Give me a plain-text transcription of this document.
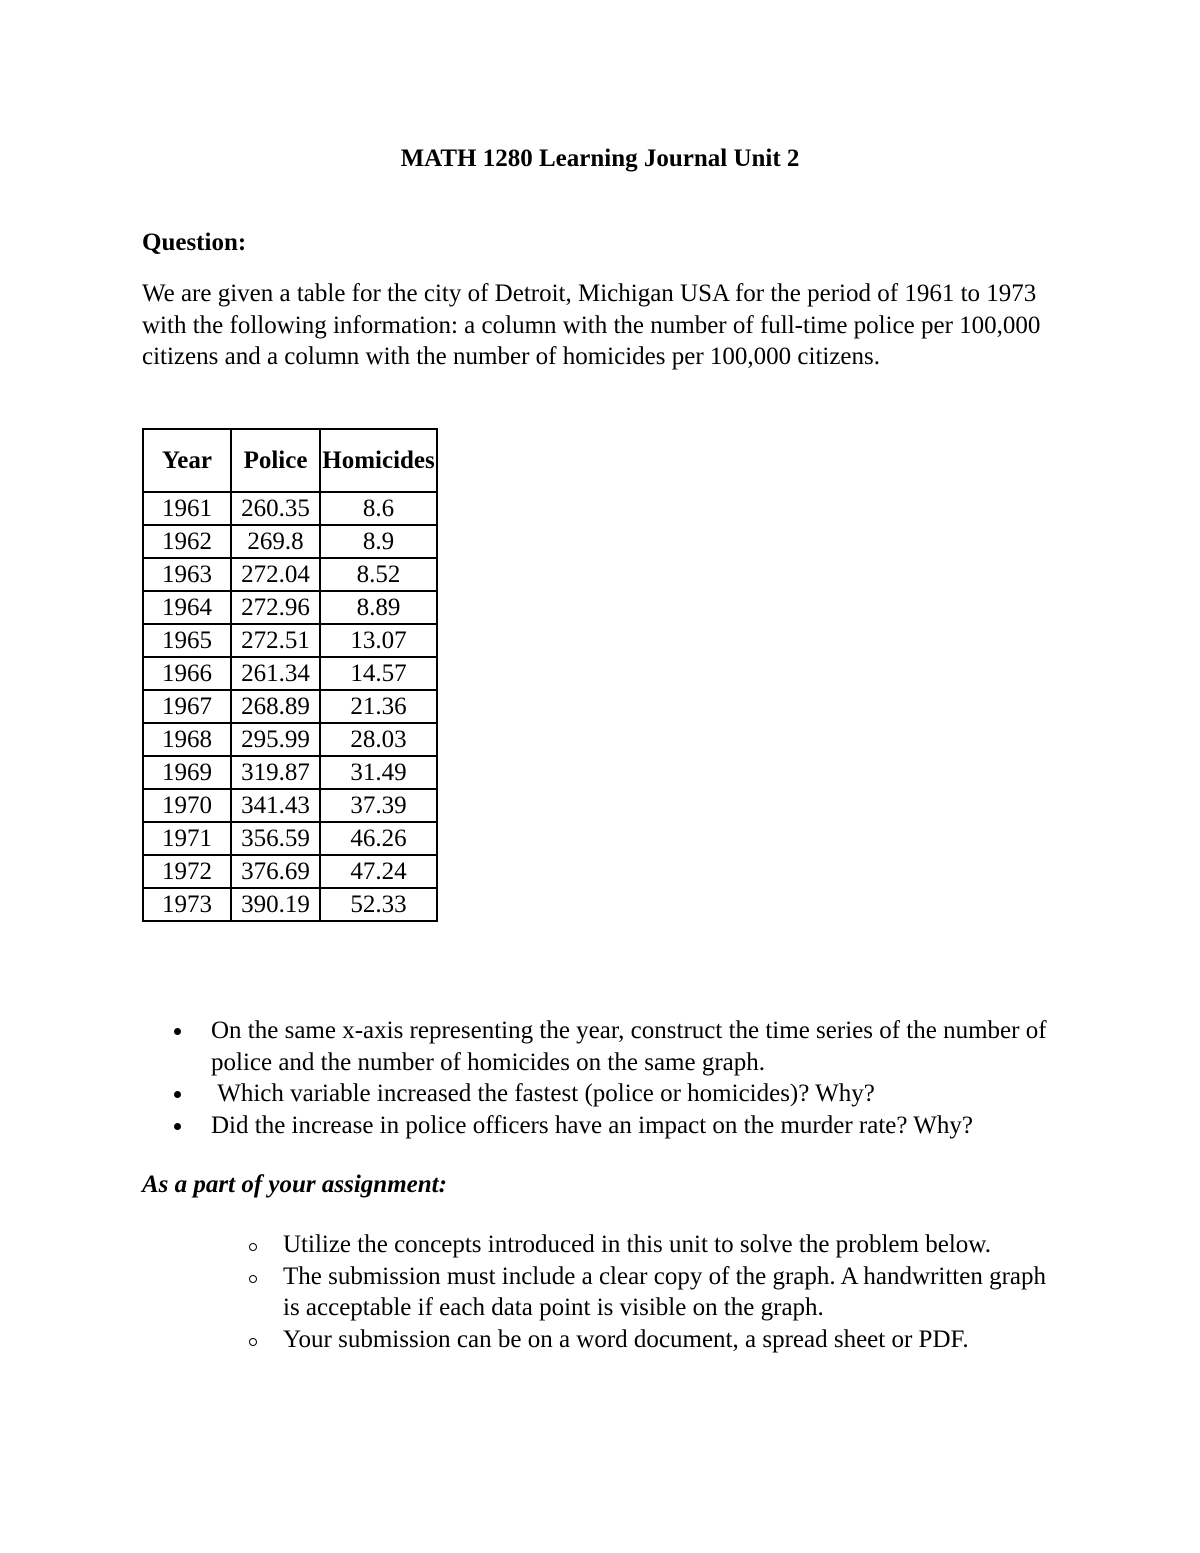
MATH 1280 Learning Journal Unit 2
Question:
We are given a table for the city of Detroit, Michigan USA for the period of 1961 to 1973 with the following information: a column with the number of full-time police per 100,000 citizens and a column with the number of homicides per 100,000 citizens.
Year	Police	Homicides
1961	260.35	8.6
1962	269.8	8.9
1963	272.04	8.52
1964	272.96	8.89
1965	272.51	13.07
1966	261.34	14.57
1967	268.89	21.36
1968	295.99	28.03
1969	319.87	31.49
1970	341.43	37.39
1971	356.59	46.26
1972	376.69	47.24
1973	390.19	52.33
On the same x-axis representing the year, construct the time series of the number of police and the number of homicides on the same graph.
Which variable increased the fastest (police or homicides)? Why?
Did the increase in police officers have an impact on the murder rate? Why?
As a part of your assignment:
Utilize the concepts introduced in this unit to solve the problem below.
The submission must include a clear copy of the graph. A handwritten graph is acceptable if each data point is visible on the graph.
Your submission can be on a word document, a spread sheet or PDF.
